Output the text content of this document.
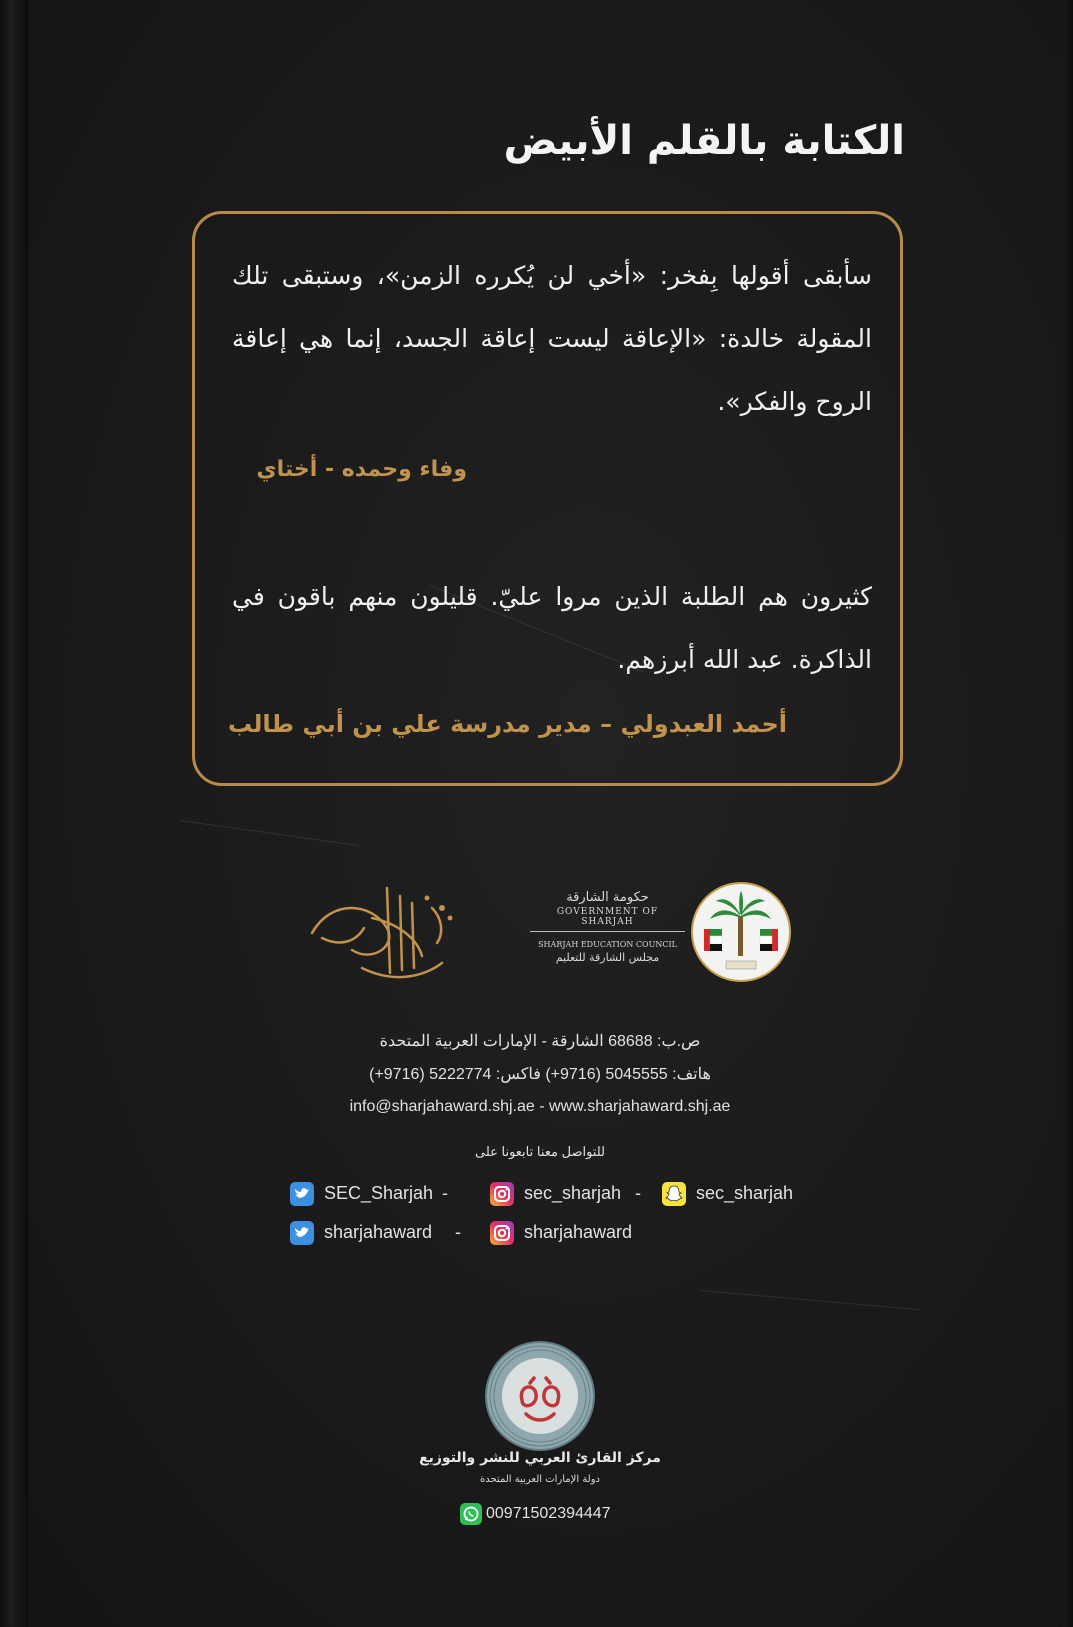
الكتابة بالقلم الأبيض
سأبقى أقولها بِفخر: «أخي لن يُكرره الزمن»، وستبقى تلك المقولة خالدة: «الإعاقة ليست إعاقة الجسد، إنما هي إعاقة الروح والفكر».
وفاء وحمده - أختاي
كثيرون هم الطلبة الذين مروا عليّ. قليلون منهم باقون في الذاكرة. عبد الله أبرزهم.
أحمد العبدولي – مدير مدرسة علي بن أبي طالب
حكومة الشارقة
GOVERNMENT OF SHARJAH
SHARJAH EDUCATION COUNCIL
مجلس الشارقة للتعليم
ص.ب: 68688 الشارقة - الإمارات العربية المتحدة
هاتف: 5045555 (9716+) فاكس: 5222774 (9716+)
info@sharjahaward.shj.ae - www.sharjahaward.shj.ae
للتواصل معنا تابعونا على
SEC_Sharjah -	sec_sharjah -	sec_sharjah
sharjahaward -	sharjahaward
مركز القارئ العربي للنشر والتوزيع
دولة الإمارات العربية المتحدة
00971502394447
